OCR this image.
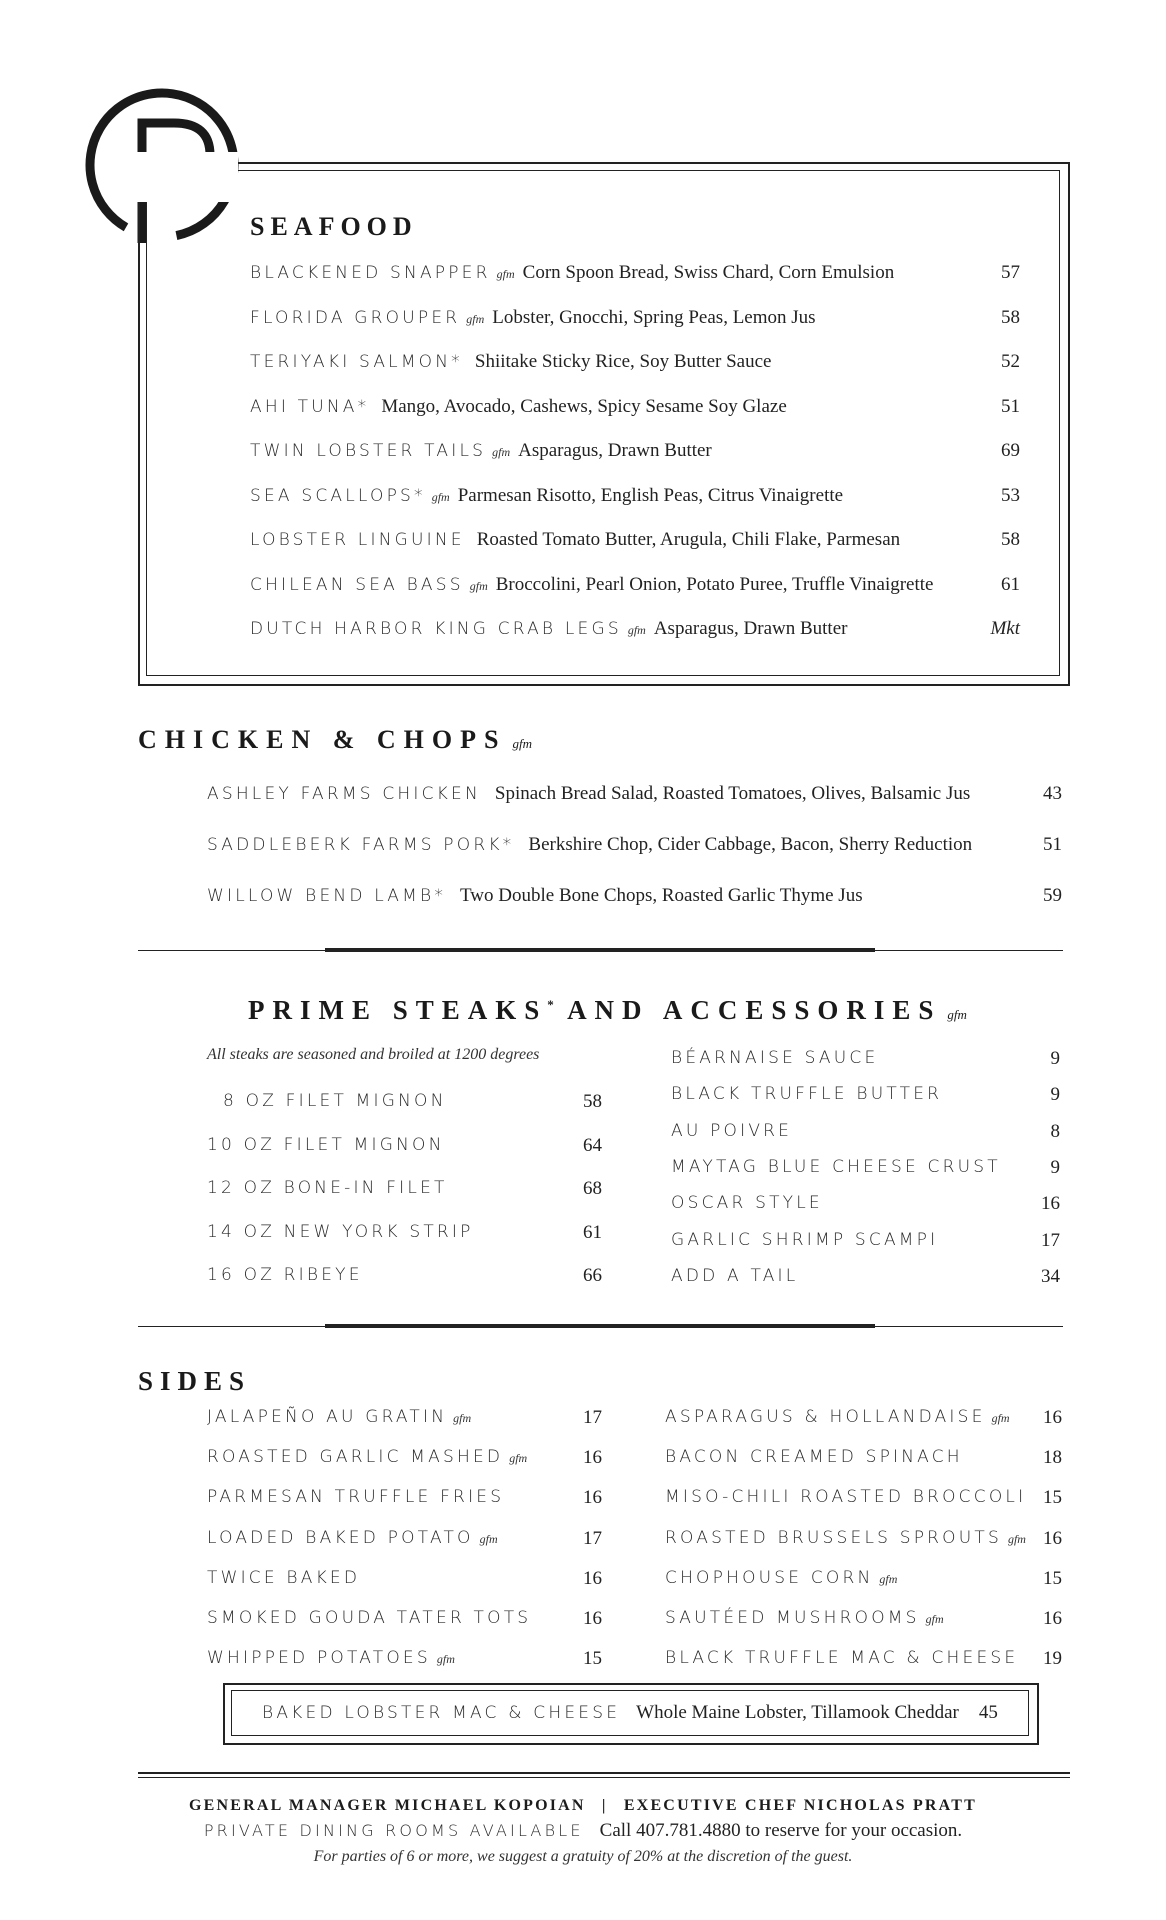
SEAFOOD
BLACKENED SNAPPER gfm Corn Spoon Bread, Swiss Chard, Corn Emulsion	57
FLORIDA GROUPER gfm Lobster, Gnocchi, Spring Peas, Lemon Jus	58
TERIYAKI SALMON* Shiitake Sticky Rice, Soy Butter Sauce	52
AHI TUNA* Mango, Avocado, Cashews, Spicy Sesame Soy Glaze	51
TWIN LOBSTER TAILS gfm Asparagus, Drawn Butter	69
SEA SCALLOPS* gfm Parmesan Risotto, English Peas, Citrus Vinaigrette	53
LOBSTER LINGUINE Roasted Tomato Butter, Arugula, Chili Flake, Parmesan	58
CHILEAN SEA BASS gfm Broccolini, Pearl Onion, Potato Puree, Truffle Vinaigrette	61
DUTCH HARBOR KING CRAB LEGS gfm Asparagus, Drawn Butter	Mkt
CHICKEN & CHOPS gfm
ASHLEY FARMS CHICKEN Spinach Bread Salad, Roasted Tomatoes, Olives, Balsamic Jus	43
SADDLEBERK FARMS PORK* Berkshire Chop, Cider Cabbage, Bacon, Sherry Reduction	51
WILLOW BEND LAMB* Two Double Bone Chops, Roasted Garlic Thyme Jus	59
PRIME STEAKS* AND ACCESSORIES gfm
All steaks are seasoned and broiled at 1200 degrees
8 OZ FILET MIGNON	58
10 OZ FILET MIGNON	64
12 OZ BONE-IN FILET	68
14 OZ NEW YORK STRIP	61
16 OZ RIBEYE	66
BÉARNAISE SAUCE	9
BLACK TRUFFLE BUTTER	9
AU POIVRE	8
MAYTAG BLUE CHEESE CRUST	9
OSCAR STYLE	16
GARLIC SHRIMP SCAMPI	17
ADD A TAIL	34
SIDES
JALAPEÑO AU GRATIN gfm	17
ROASTED GARLIC MASHED gfm	16
PARMESAN TRUFFLE FRIES	16
LOADED BAKED POTATO gfm	17
TWICE BAKED	16
SMOKED GOUDA TATER TOTS	16
WHIPPED POTATOES gfm	15
ASPARAGUS & HOLLANDAISE gfm 16
BACON CREAMED SPINACH	18
MISO-CHILI ROASTED BROCCOLI 15
ROASTED BRUSSELS SPROUTS gfm 16
CHOPHOUSE CORN gfm	15
SAUTÉED MUSHROOMS gfm	16
BLACK TRUFFLE MAC & CHEESE 19
BAKED LOBSTER MAC & CHEESE Whole Maine Lobster, Tillamook Cheddar 45
GENERAL MANAGER MICHAEL KOPOIAN | EXECUTIVE CHEF NICHOLAS PRATT
PRIVATE DINING ROOMS AVAILABLE Call 407.781.4880 to reserve for your occasion.
For parties of 6 or more, we suggest a gratuity of 20% at the discretion of the guest.
